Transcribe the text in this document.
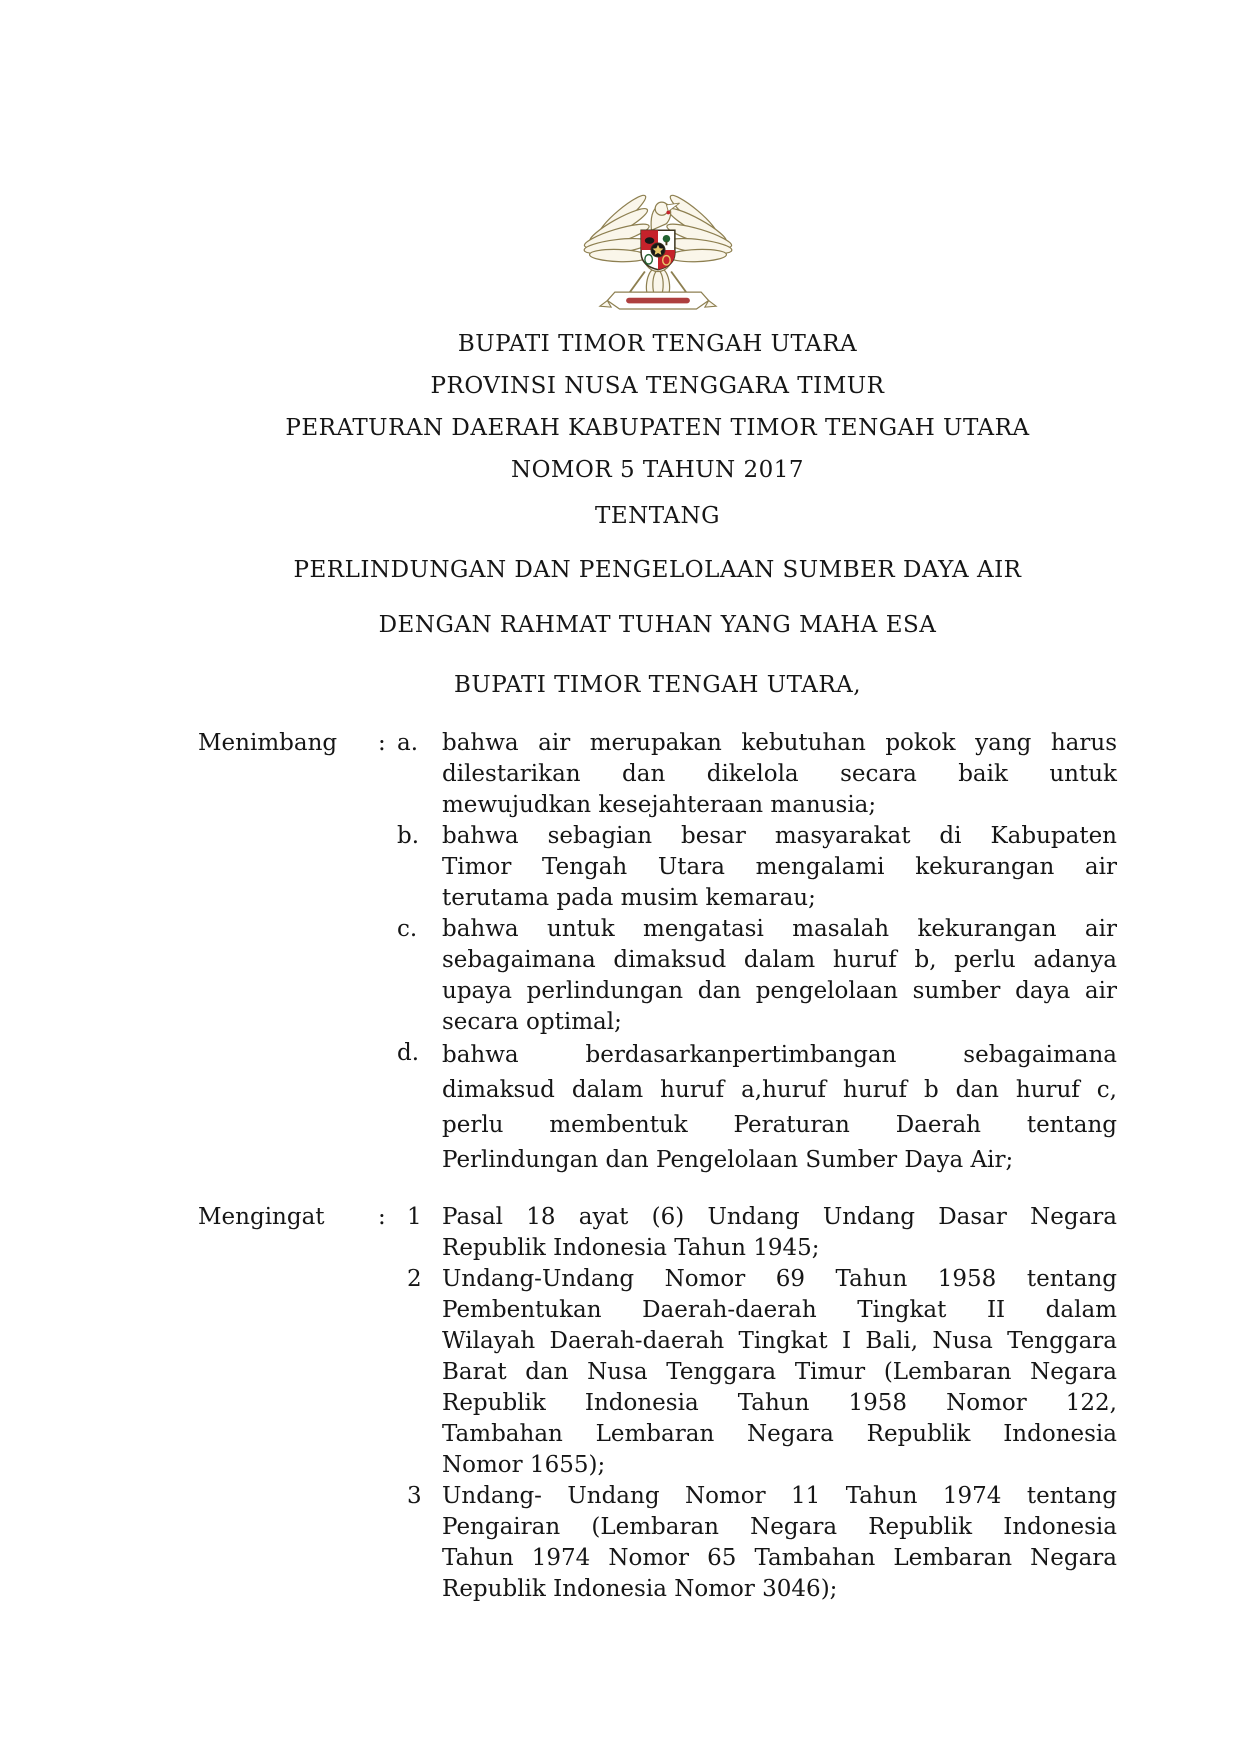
BUPATI TIMOR TENGAH UTARA
PROVINSI NUSA TENGGARA TIMUR
PERATURAN DAERAH KABUPATEN TIMOR TENGAH UTARA
NOMOR 5 TAHUN 2017
TENTANG
PERLINDUNGAN DAN PENGELOLAAN SUMBER DAYA AIR
DENGAN RAHMAT TUHAN YANG MAHA ESA
BUPATI TIMOR TENGAH UTARA,
Menimbang	: a.	bahwa air merupakan kebutuhan pokok yang harus
dilestarikan dan dikelola secara baik untuk
mewujudkan kesejahteraan manusia;
b. bahwa sebagian besar masyarakat di Kabupaten
Timor Tengah Utara mengalami kekurangan air
terutama pada musim kemarau;
c.	bahwa untuk mengatasi masalah kekurangan air
sebagaimana dimaksud dalam huruf b, perlu adanya
upaya perlindungan dan pengelolaan sumber daya air
secara optimal;
d. bahwa berdasarkanpertimbangan sebagaimana
dimaksud dalam huruf a,huruf huruf b dan huruf c,
perlu membentuk Peraturan Daerah tentang
Perlindungan dan Pengelolaan Sumber Daya Air;
Mengingat	: 1 Pasal 18 ayat (6) Undang Undang Dasar Negara
Republik Indonesia Tahun 1945;
2 Undang-Undang Nomor 69 Tahun 1958 tentang
Pembentukan Daerah-daerah Tingkat II dalam
Wilayah Daerah-daerah Tingkat I Bali, Nusa Tenggara
Barat dan Nusa Tenggara Timur (Lembaran Negara
Republik Indonesia Tahun 1958 Nomor 122,
Tambahan Lembaran Negara Republik Indonesia
Nomor 1655);
3 Undang- Undang Nomor 11 Tahun 1974 tentang
Pengairan (Lembaran Negara Republik Indonesia
Tahun 1974 Nomor 65 Tambahan Lembaran Negara
Republik Indonesia Nomor 3046);
